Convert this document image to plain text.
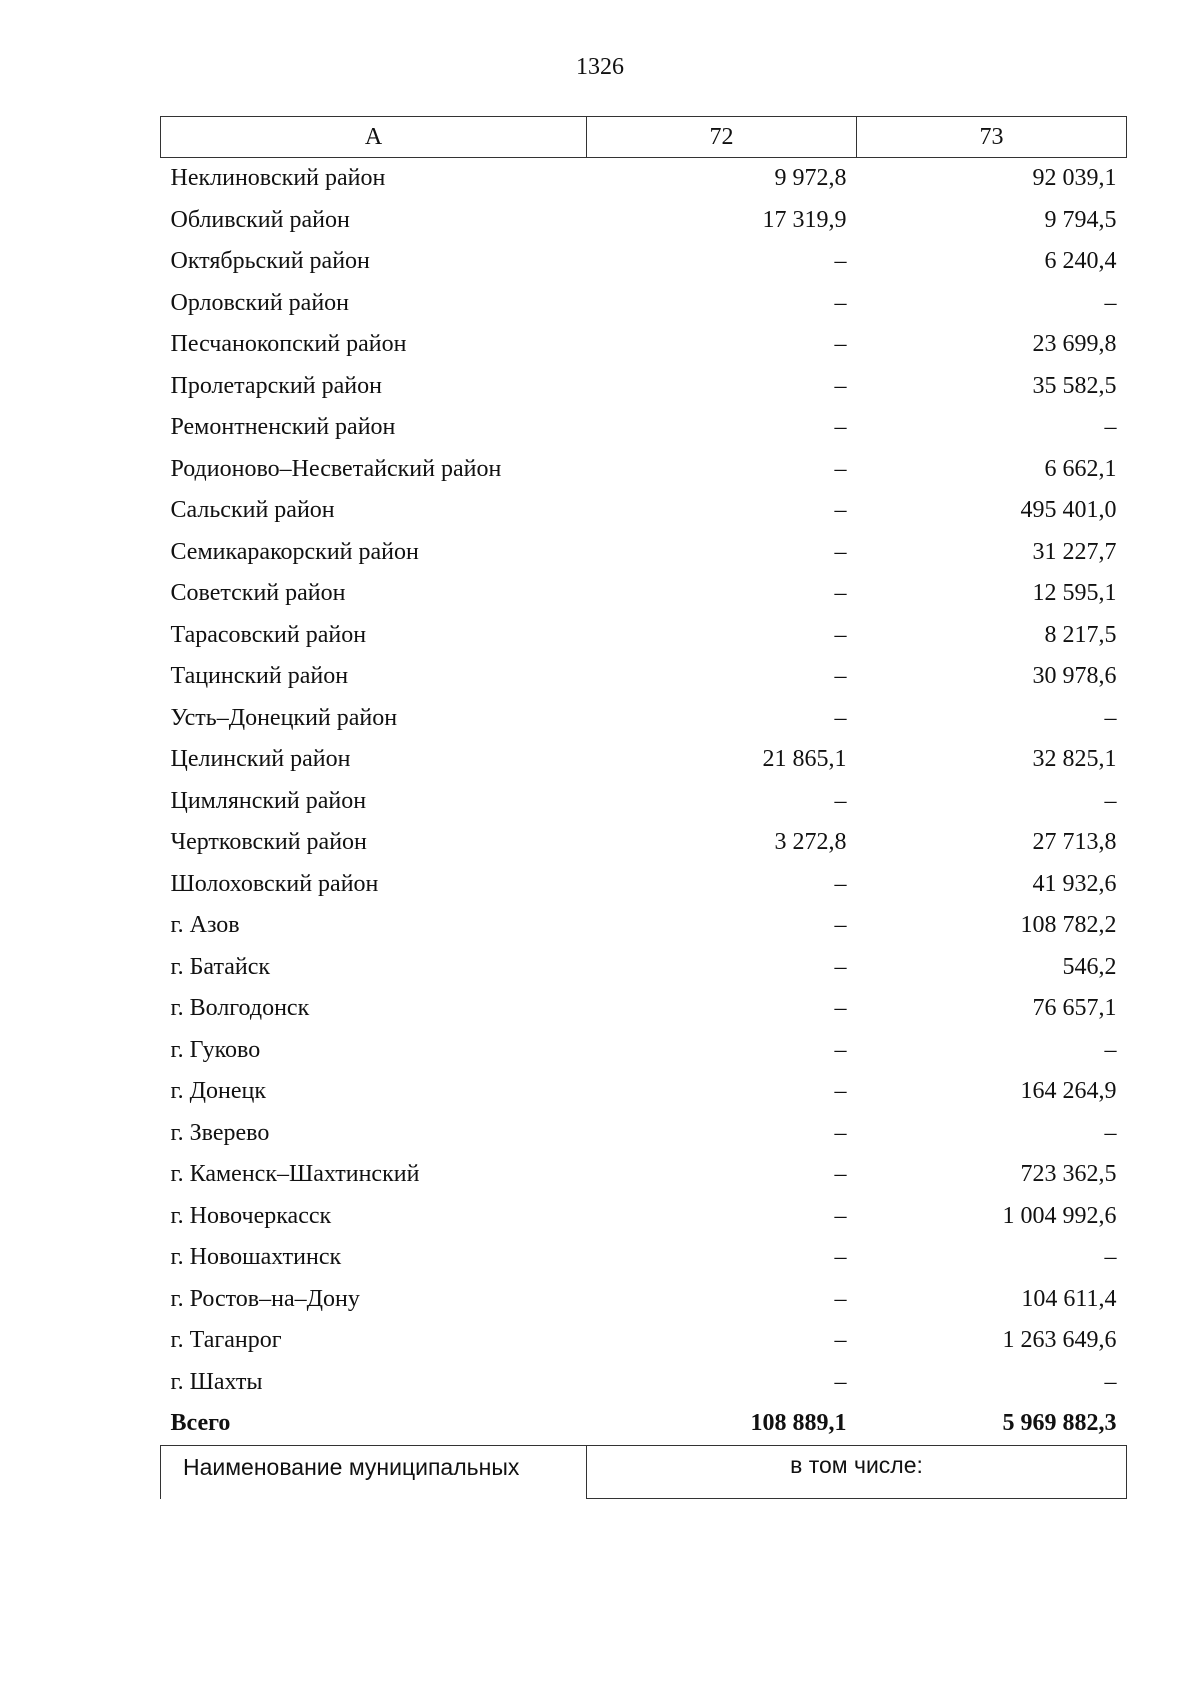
1326
А	72	73
Неклиновский район	9 972,8	92 039,1
Обливский район	17 319,9	9 794,5
Октябрьский район	–	6 240,4
Орловский район	–	–
Песчанокопский район	–	23 699,8
Пролетарский район	–	35 582,5
Ремонтненский район	–	–
Родионово–Несветайский район	–	6 662,1
Сальский район	–	495 401,0
Семикаракорский район	–	31 227,7
Советский район	–	12 595,1
Тарасовский район	–	8 217,5
Тацинский район	–	30 978,6
Усть–Донецкий район	–	–
Целинский район	21 865,1	32 825,1
Цимлянский район	–	–
Чертковский район	3 272,8	27 713,8
Шолоховский район	–	41 932,6
г. Азов	–	108 782,2
г. Батайск	–	546,2
г. Волгодонск	–	76 657,1
г. Гуково	–	–
г. Донецк	–	164 264,9
г. Зверево	–	–
г. Каменск–Шахтинский	–	723 362,5
г. Новочеркасск	–	1 004 992,6
г. Новошахтинск	–	–
г. Ростов–на–Дону	–	104 611,4
г. Таганрог	–	1 263 649,6
г. Шахты	–	–
Всего	108 889,1	5 969 882,3
Наименование муниципальных	в том числе:	
